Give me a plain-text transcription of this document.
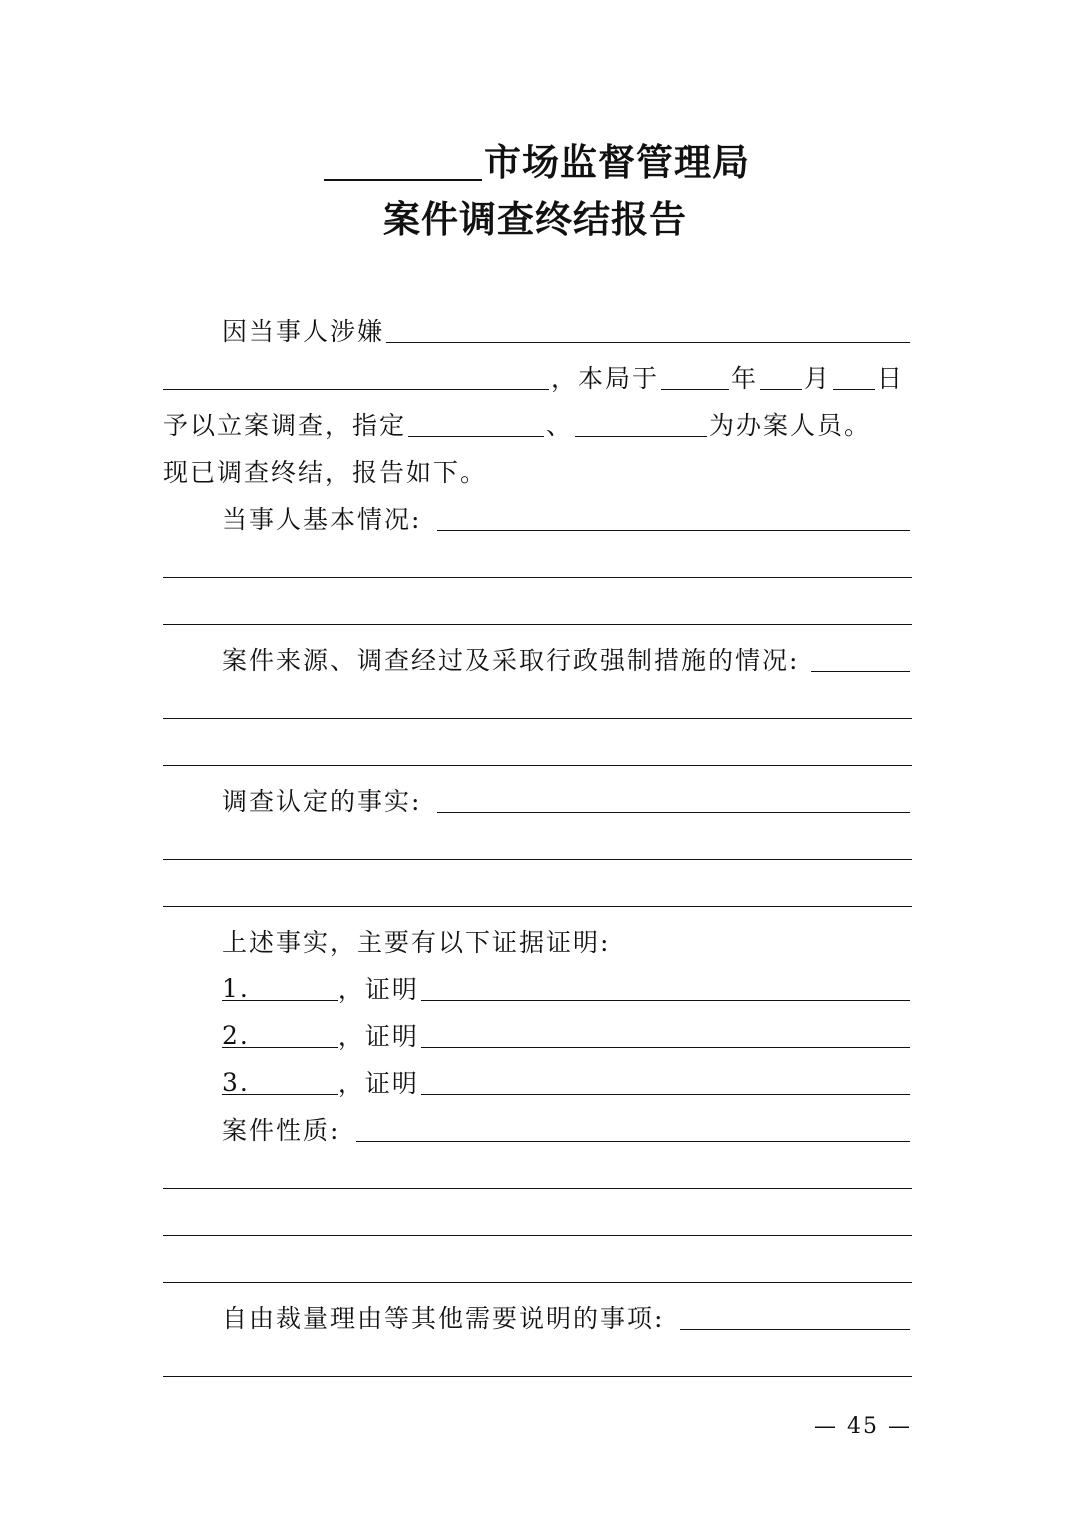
市场监督管理局
案件调查终结报告
因当事人涉嫌
，本局于	年 月 日
予以立案调查，指定	、	为办案人员。
现已调查终结，报告如下。
当事人基本情况:
案件来源、调查经过及采取行政强制措施的情况:
调查认定的事实:
上述事实，主要有以下证据证明:
1.	，证明
2.	，证明
3.	，证明
案件性质:
自由裁量理由等其他需要说明的事项:
— 45 —
